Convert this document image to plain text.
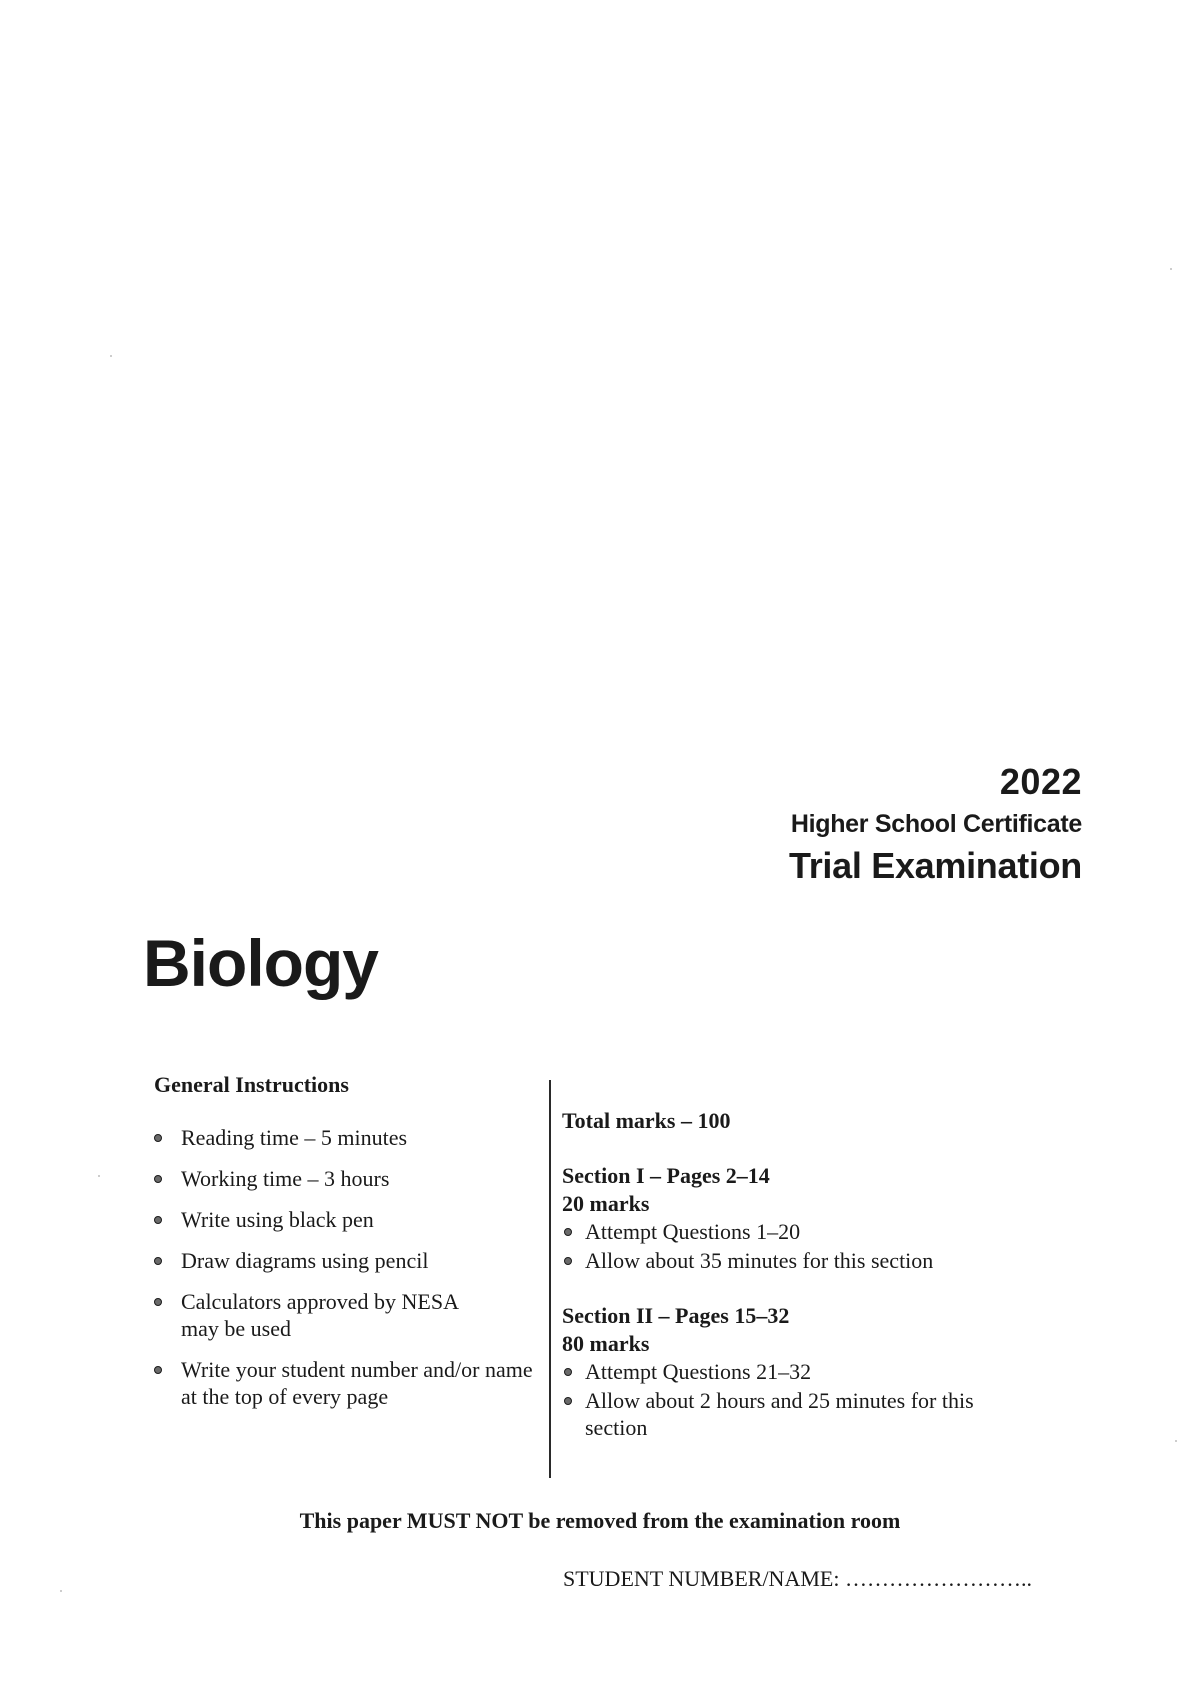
2022
Higher School Certificate
Trial Examination
Biology
General Instructions
Reading time – 5 minutes
Working time – 3 hours
Write using black pen
Draw diagrams using pencil
Calculators approved by NESA may be used
Write your student number and/or name at the top of every page
Total marks – 100
Section I – Pages 2–14
20 marks
Attempt Questions 1–20
Allow about 35 minutes for this section
Section II – Pages 15–32
80 marks
Attempt Questions 21–32
Allow about 2 hours and 25 minutes for this section
This paper MUST NOT be removed from the examination room
STUDENT NUMBER/NAME: ……………………..
